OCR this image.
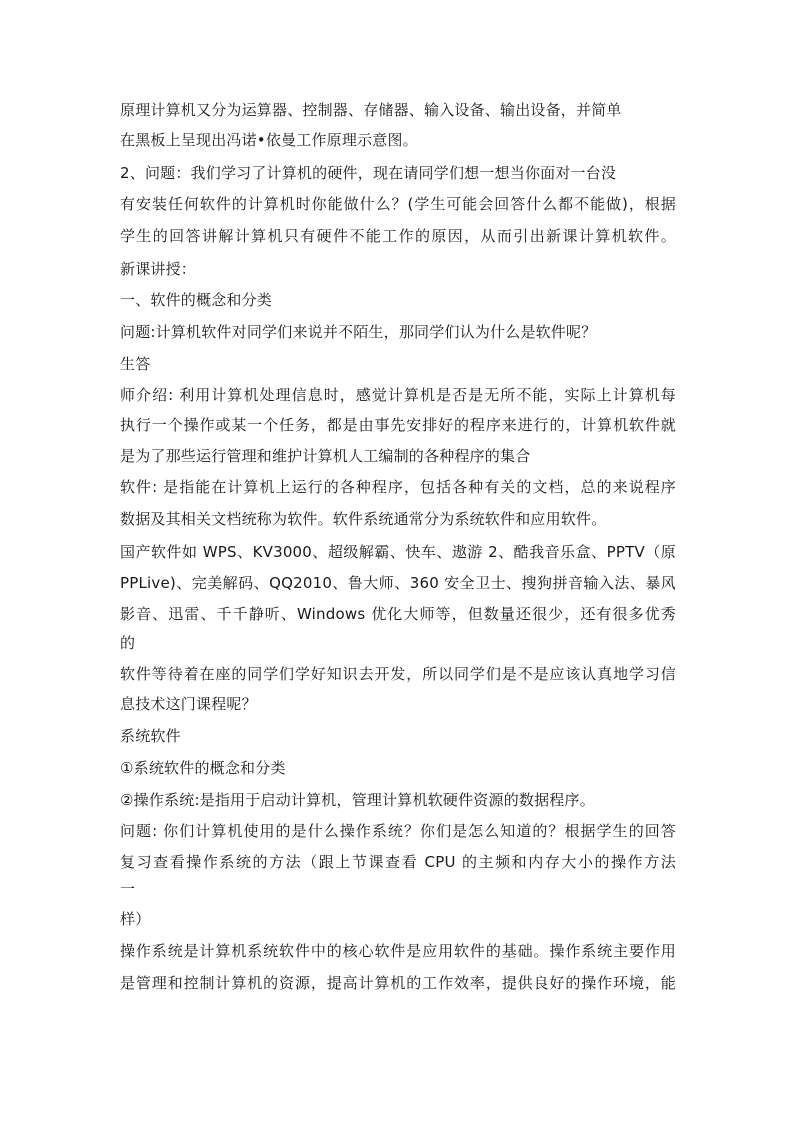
原理计算机又分为运算器、控制器、存储器、输入设备、输出设备，并简单
在黑板上呈现出冯诺•依曼工作原理示意图。
2、问题：我们学习了计算机的硬件，现在请同学们想一想当你面对一台没
有安装任何软件的计算机时你能做什么？(学生可能会回答什么都不能做)，根据
学生的回答讲解计算机只有硬件不能工作的原因，从而引出新课计算机软件。
新课讲授：
一、软件的概念和分类
问题:计算机软件对同学们来说并不陌生，那同学们认为什么是软件呢？
生答
师介绍: 利用计算机处理信息时，感觉计算机是否是无所不能，实际上计算机每
执行一个操作或某一个任务，都是由事先安排好的程序来进行的，计算机软件就
是为了那些运行管理和维护计算机人工编制的各种程序的集合
软件: 是指能在计算机上运行的各种程序，包括各种有关的文档，总的来说程序
数据及其相关文档统称为软件。软件系统通常分为系统软件和应用软件。
国产软件如 WPS、KV3000、超级解霸、快车、遨游 2、酷我音乐盒、PPTV（原
PPLive)、完美解码、QQ2010、鲁大师、360 安全卫士、搜狗拼音输入法、暴风
影音、迅雷、千千静听、Windows 优化大师等，但数量还很少，还有很多优秀
的
软件等待着在座的同学们学好知识去开发，所以同学们是不是应该认真地学习信
息技术这门课程呢？
系统软件
①系统软件的概念和分类
②操作系统:是指用于启动计算机，管理计算机软硬件资源的数据程序。
问题: 你们计算机使用的是什么操作系统？你们是怎么知道的？根据学生的回答
复习查看操作系统的方法（跟上节课查看 CPU 的主频和内存大小的操作方法
一
样）
操作系统是计算机系统软件中的核心软件是应用软件的基础。操作系统主要作用
是管理和控制计算机的资源，提高计算机的工作效率，提供良好的操作环境，能
